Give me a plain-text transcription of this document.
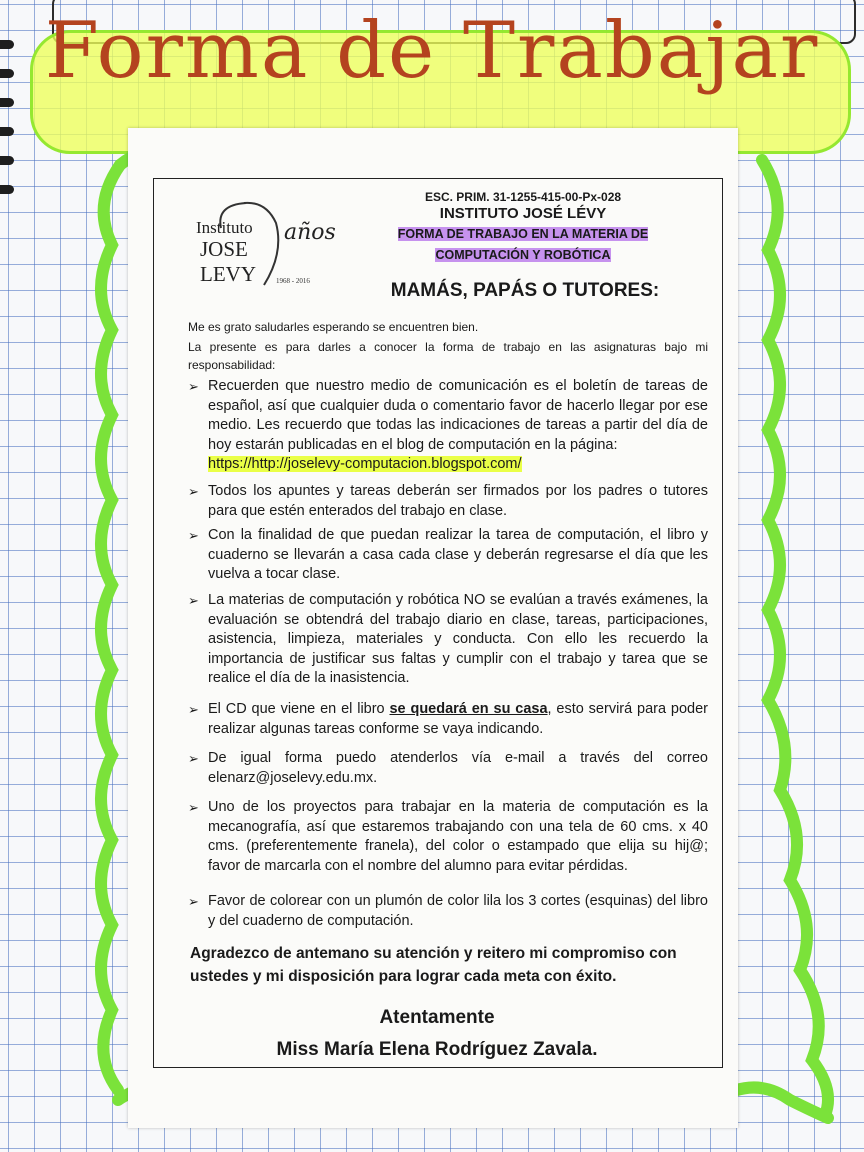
Forma de Trabajar
Instituto
JOSE
LEVY
años
1968 - 2016
ESC. PRIM. 31-1255-415-00-Px-028
INSTITUTO JOSÉ LÉVY
FORMA DE TRABAJO EN LA MATERIA DE
COMPUTACIÓN Y ROBÓTICA
MAMÁS, PAPÁS O TUTORES:
Me es grato saludarles esperando se encuentren bien.
La presente es para darles a conocer la forma de trabajo en las asignaturas bajo mi responsabilidad:
➢ Recuerden que nuestro medio de comunicación es el boletín de tareas de español, así que cualquier duda o comentario favor de hacerlo llegar por ese medio. Les recuerdo que todas las indicaciones de tareas a partir del día de hoy estarán publicadas en el blog de computación en la página:
https://http://joselevy-computacion.blogspot.com/
➢ Todos los apuntes y tareas deberán ser firmados por los padres o tutores para que estén enterados del trabajo en clase.
➢ Con la finalidad de que puedan realizar la tarea de computación, el libro y cuaderno se llevarán a casa cada clase y deberán regresarse el día que les vuelva a tocar clase.
➢ La materias de computación y robótica NO se evalúan a través exámenes, la evaluación se obtendrá del trabajo diario en clase, tareas, participaciones, asistencia, limpieza, materiales y conducta. Con ello les recuerdo la importancia de justificar sus faltas y cumplir con el trabajo y tarea que se realice el día de la inasistencia.
➢ El CD que viene en el libro se quedará en su casa, esto servirá para poder realizar algunas tareas conforme se vaya indicando.
➢ De igual forma puedo atenderlos vía e-mail a través del correo elenarz@joselevy.edu.mx.
➢ Uno de los proyectos para trabajar en la materia de computación es la mecanografía, así que estaremos trabajando con una tela de 60 cms. x 40 cms. (preferentemente franela), del color o estampado que elija su hij@; favor de marcarla con el nombre del alumno para evitar pérdidas.
➢ Favor de colorear con un plumón de color lila los 3 cortes (esquinas) del libro y del cuaderno de computación.
Agradezco de antemano su atención y reitero mi compromiso con ustedes y mi disposición para lograr cada meta con éxito.
Atentamente
Miss María Elena Rodríguez Zavala.
